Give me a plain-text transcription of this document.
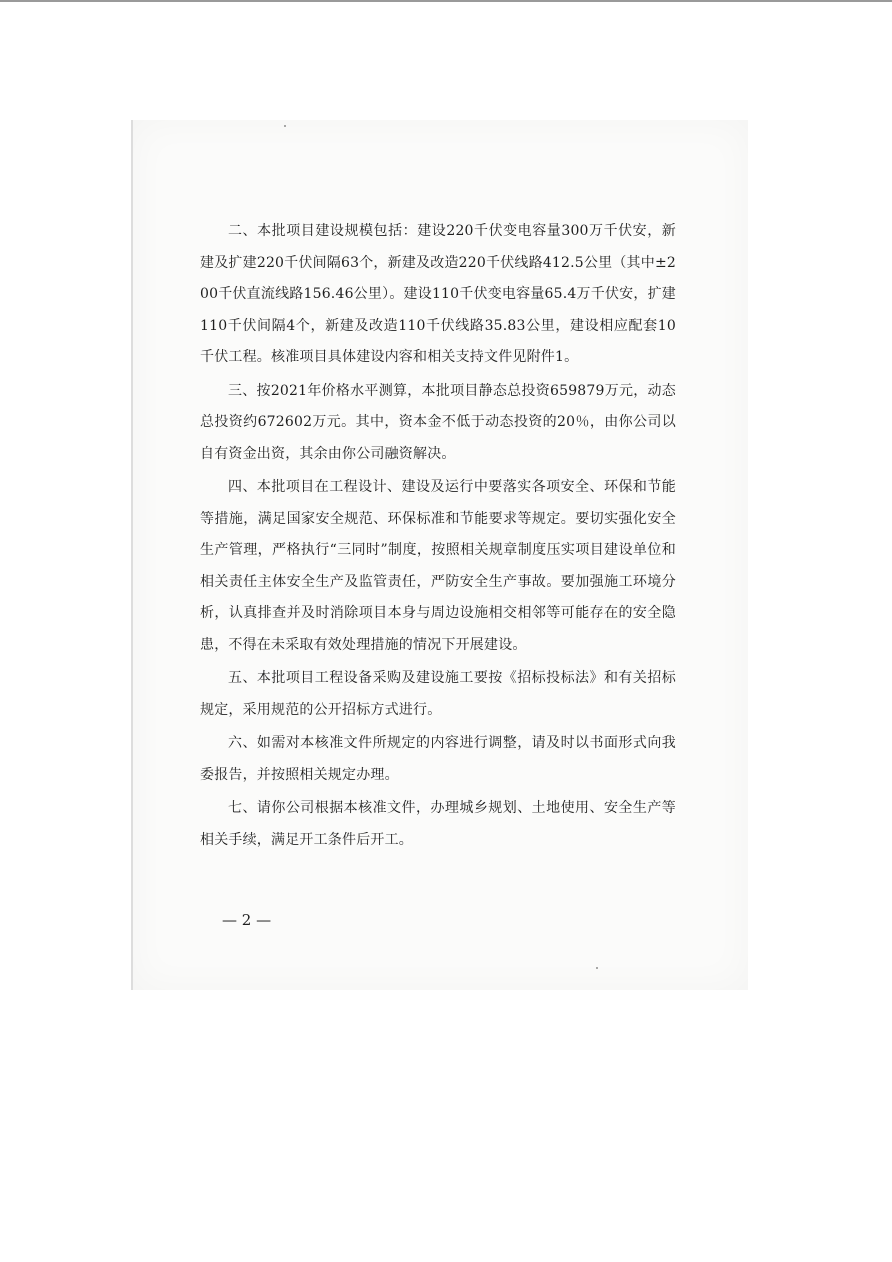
二、本批项目建设规模包括：建设220千伏变电容量300万千伏安，新建及扩建220千伏间隔63个，新建及改造220千伏线路412.5公里（其中±200千伏直流线路156.46公里）。建设110千伏变电容量65.4万千伏安，扩建110千伏间隔4个，新建及改造110千伏线路35.83公里，建设相应配套10千伏工程。核准项目具体建设内容和相关支持文件见附件1。

三、按2021年价格水平测算，本批项目静态总投资659879万元，动态总投资约672602万元。其中，资本金不低于动态投资的20％，由你公司以自有资金出资，其余由你公司融资解决。

四、本批项目在工程设计、建设及运行中要落实各项安全、环保和节能等措施，满足国家安全规范、环保标准和节能要求等规定。要切实强化安全生产管理，严格执行“三同时”制度，按照相关规章制度压实项目建设单位和相关责任主体安全生产及监管责任，严防安全生产事故。要加强施工环境分析，认真排查并及时消除项目本身与周边设施相交相邻等可能存在的安全隐患，不得在未采取有效处理措施的情况下开展建设。

五、本批项目工程设备采购及建设施工要按《招标投标法》和有关招标规定，采用规范的公开招标方式进行。

六、如需对本核准文件所规定的内容进行调整，请及时以书面形式向我委报告，并按照相关规定办理。

七、请你公司根据本核准文件，办理城乡规划、土地使用、安全生产等相关手续，满足开工条件后开工。

— 2 —
